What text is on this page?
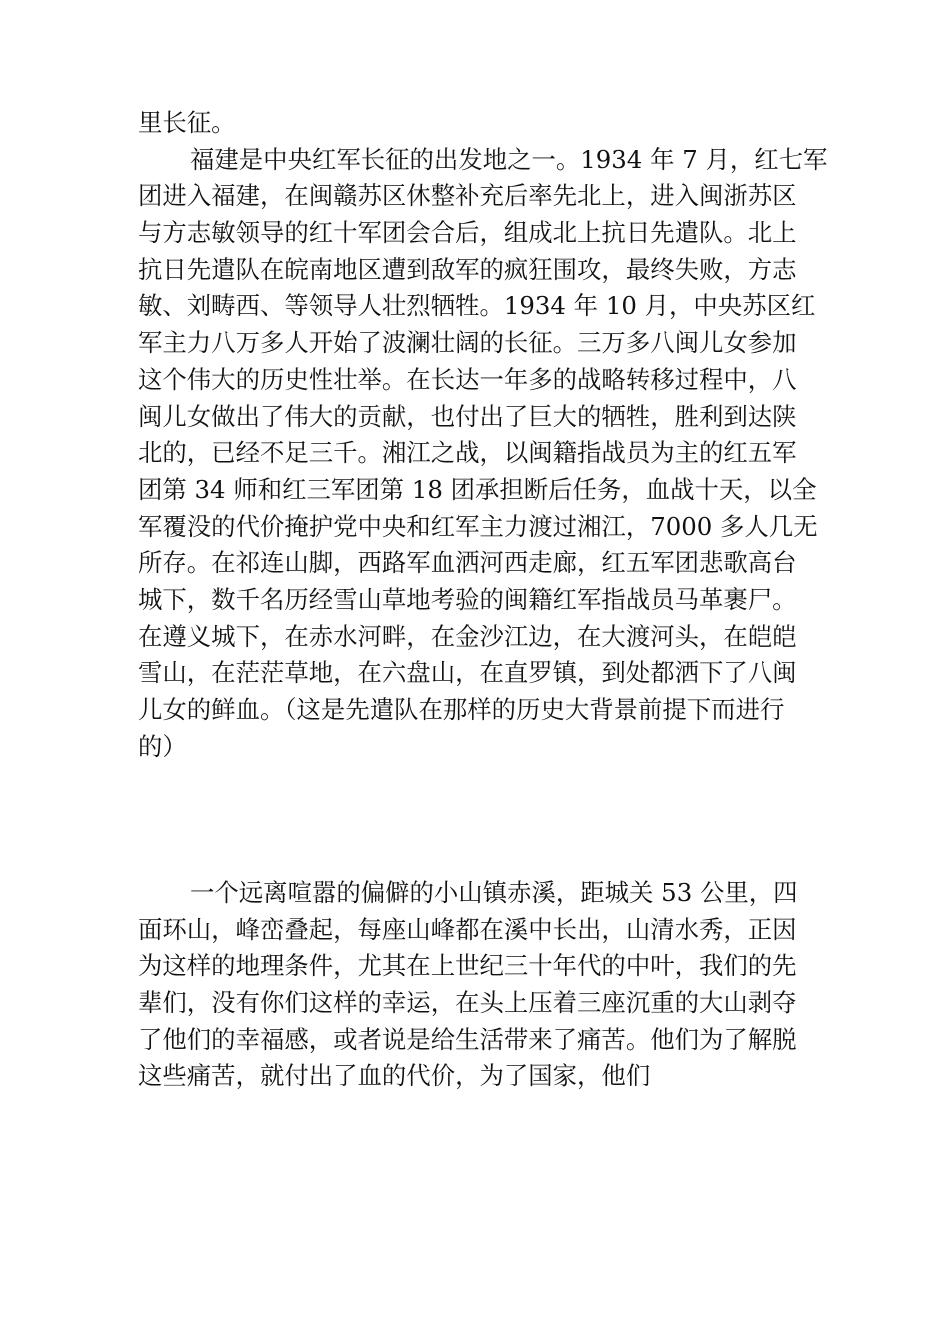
里长征。
福建是中央红军长征的出发地之一。1934 年 7 月，红七军
团进入福建，在闽赣苏区休整补充后率先北上，进入闽浙苏区
与方志敏领导的红十军团会合后，组成北上抗日先遣队。北上
抗日先遣队在皖南地区遭到敌军的疯狂围攻，最终失败，方志
敏、刘畴西、等领导人壮烈牺牲。1934 年 10 月，中央苏区红
军主力八万多人开始了波澜壮阔的长征。三万多八闽儿女参加
这个伟大的历史性壮举。在长达一年多的战略转移过程中，八
闽儿女做出了伟大的贡献，也付出了巨大的牺牲，胜利到达陕
北的，已经不足三千。湘江之战，以闽籍指战员为主的红五军
团第 34 师和红三军团第 18 团承担断后任务，血战十天，以全
军覆没的代价掩护党中央和红军主力渡过湘江，7000 多人几无
所存。在祁连山脚，西路军血洒河西走廊，红五军团悲歌高台
城下，数千名历经雪山草地考验的闽籍红军指战员马革裹尸。
在遵义城下，在赤水河畔，在金沙江边，在大渡河头，在皑皑
雪山，在茫茫草地，在六盘山，在直罗镇，到处都洒下了八闽
儿女的鲜血。（这是先遣队在那样的历史大背景前提下而进行
的）
一个远离喧嚣的偏僻的小山镇赤溪，距城关 53 公里，四
面环山，峰峦叠起，每座山峰都在溪中长出，山清水秀，正因
为这样的地理条件，尤其在上世纪三十年代的中叶，我们的先
辈们，没有你们这样的幸运，在头上压着三座沉重的大山剥夺
了他们的幸福感，或者说是给生活带来了痛苦。他们为了解脱
这些痛苦，就付出了血的代价，为了国家，他们
